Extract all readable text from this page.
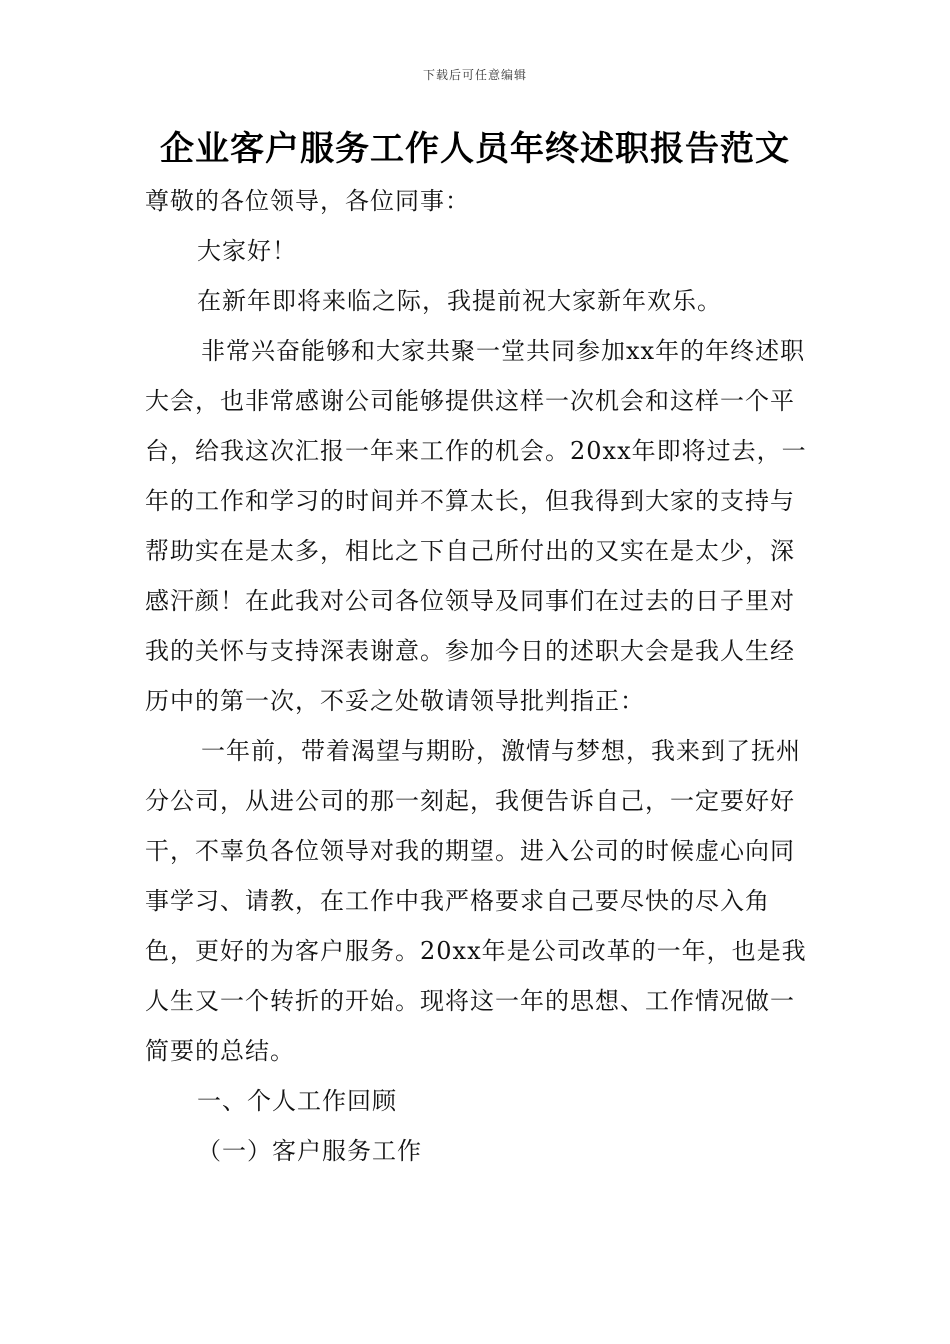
下载后可任意编辑
企业客户服务工作人员年终述职报告范文

尊敬的各位领导，各位同事：

大家好！

在新年即将来临之际，我提前祝大家新年欢乐。

非常兴奋能够和大家共聚一堂共同参加xx年的年终述职大会，也非常感谢公司能够提供这样一次机会和这样一个平台，给我这次汇报一年来工作的机会。20xx年即将过去，一年的工作和学习的时间并不算太长，但我得到大家的支持与帮助实在是太多，相比之下自己所付出的又实在是太少，深感汗颜！在此我对公司各位领导及同事们在过去的日子里对我的关怀与支持深表谢意。参加今日的述职大会是我人生经历中的第一次，不妥之处敬请领导批判指正：

一年前，带着渴望与期盼，激情与梦想，我来到了抚州分公司，从进公司的那一刻起，我便告诉自己，一定要好好干，不辜负各位领导对我的期望。进入公司的时候虚心向同事学习、请教，在工作中我严格要求自己要尽快的尽入角色，更好的为客户服务。20xx年是公司改革的一年，也是我人生又一个转折的开始。现将这一年的思想、工作情况做一简要的总结。

一、个人工作回顾

（一）客户服务工作
